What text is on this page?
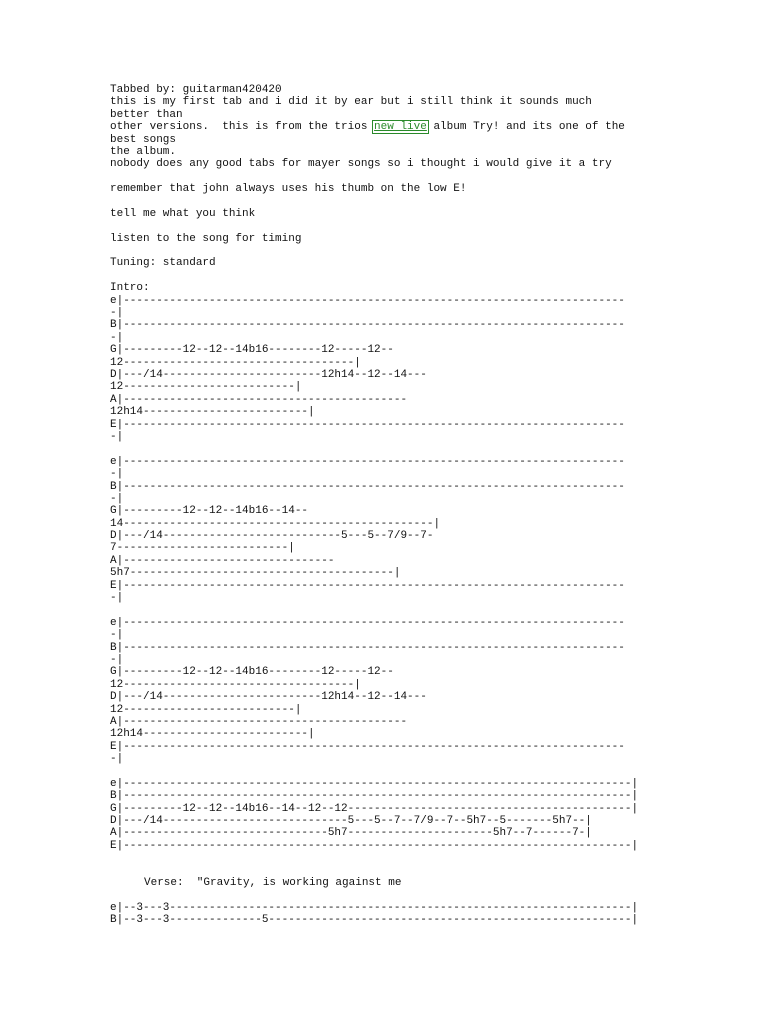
Tabbed by: guitarman420420
this is my first tab and i did it by ear but i still think it sounds much
better than
other versions.  this is from the trios new live album Try! and its one of the
best songs
the album.
nobody does any good tabs for mayer songs so i thought i would give it a try
remember that john always uses his thumb on the low E!
tell me what you think
listen to the song for timing
Tuning: standard
Intro:
e|----------------------------------------------------------------------------
-|
B|----------------------------------------------------------------------------
-|
G|---------12--12--14b16--------12-----12--
12-----------------------------------|
D|---/14------------------------12h14--12--14---
12--------------------------|
A|-------------------------------------------
12h14-------------------------|
E|----------------------------------------------------------------------------
-|
e|----------------------------------------------------------------------------
-|
B|----------------------------------------------------------------------------
-|
G|---------12--12--14b16--14--
14-----------------------------------------------|
D|---/14---------------------------5---5--7/9--7-
7--------------------------|
A|--------------------------------
5h7----------------------------------------|
E|----------------------------------------------------------------------------
-|
e|----------------------------------------------------------------------------
-|
B|----------------------------------------------------------------------------
-|
G|---------12--12--14b16--------12-----12--
12-----------------------------------|
D|---/14------------------------12h14--12--14---
12--------------------------|
A|-------------------------------------------
12h14-------------------------|
E|----------------------------------------------------------------------------
-|
e|-----------------------------------------------------------------------------|
B|-----------------------------------------------------------------------------|
G|---------12--12--14b16--14--12--12-------------------------------------------|
D|---/14----------------------------5---5--7--7/9--7--5h7--5-------5h7--|
A|-------------------------------5h7----------------------5h7--7------7-|
E|-----------------------------------------------------------------------------|
Verse:  "Gravity, is working against me
e|--3---3----------------------------------------------------------------------|
B|--3---3--------------5-------------------------------------------------------|
